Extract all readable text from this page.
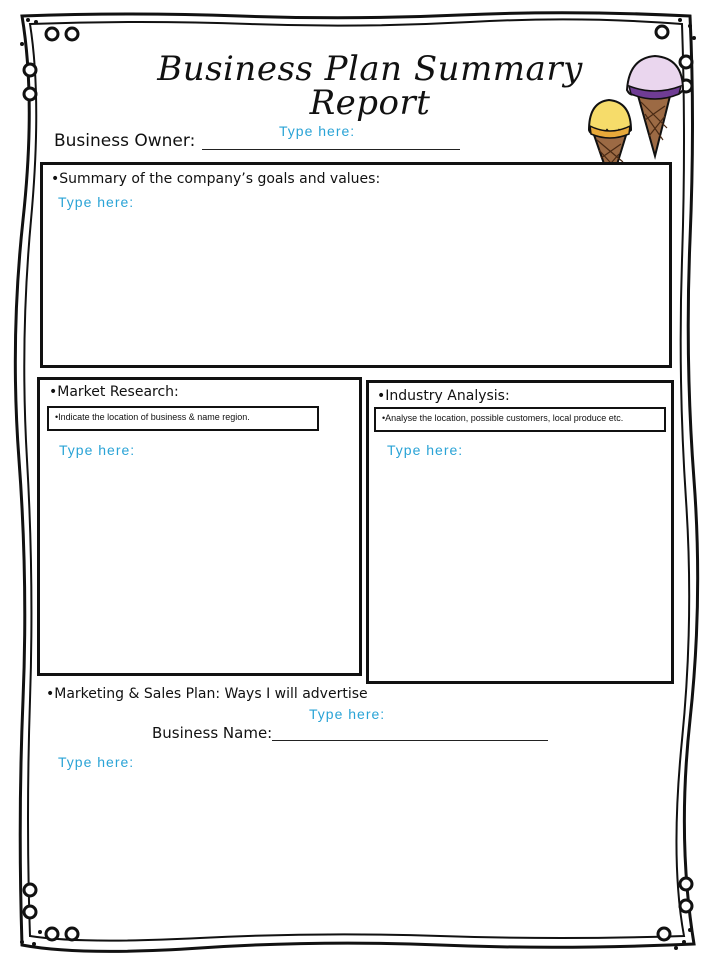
Business Plan Summary Report
Type here:
Business Owner:
•Summary of the company’s goals and values:
Type here:
•Market Research:
•Indicate the location of business & name region.
Type here:
•Industry Analysis:
•Analyse the location, possible customers, local produce etc.
Type here:
•Marketing & Sales Plan: Ways I will advertise
Type here:
Business Name:
Type here:
